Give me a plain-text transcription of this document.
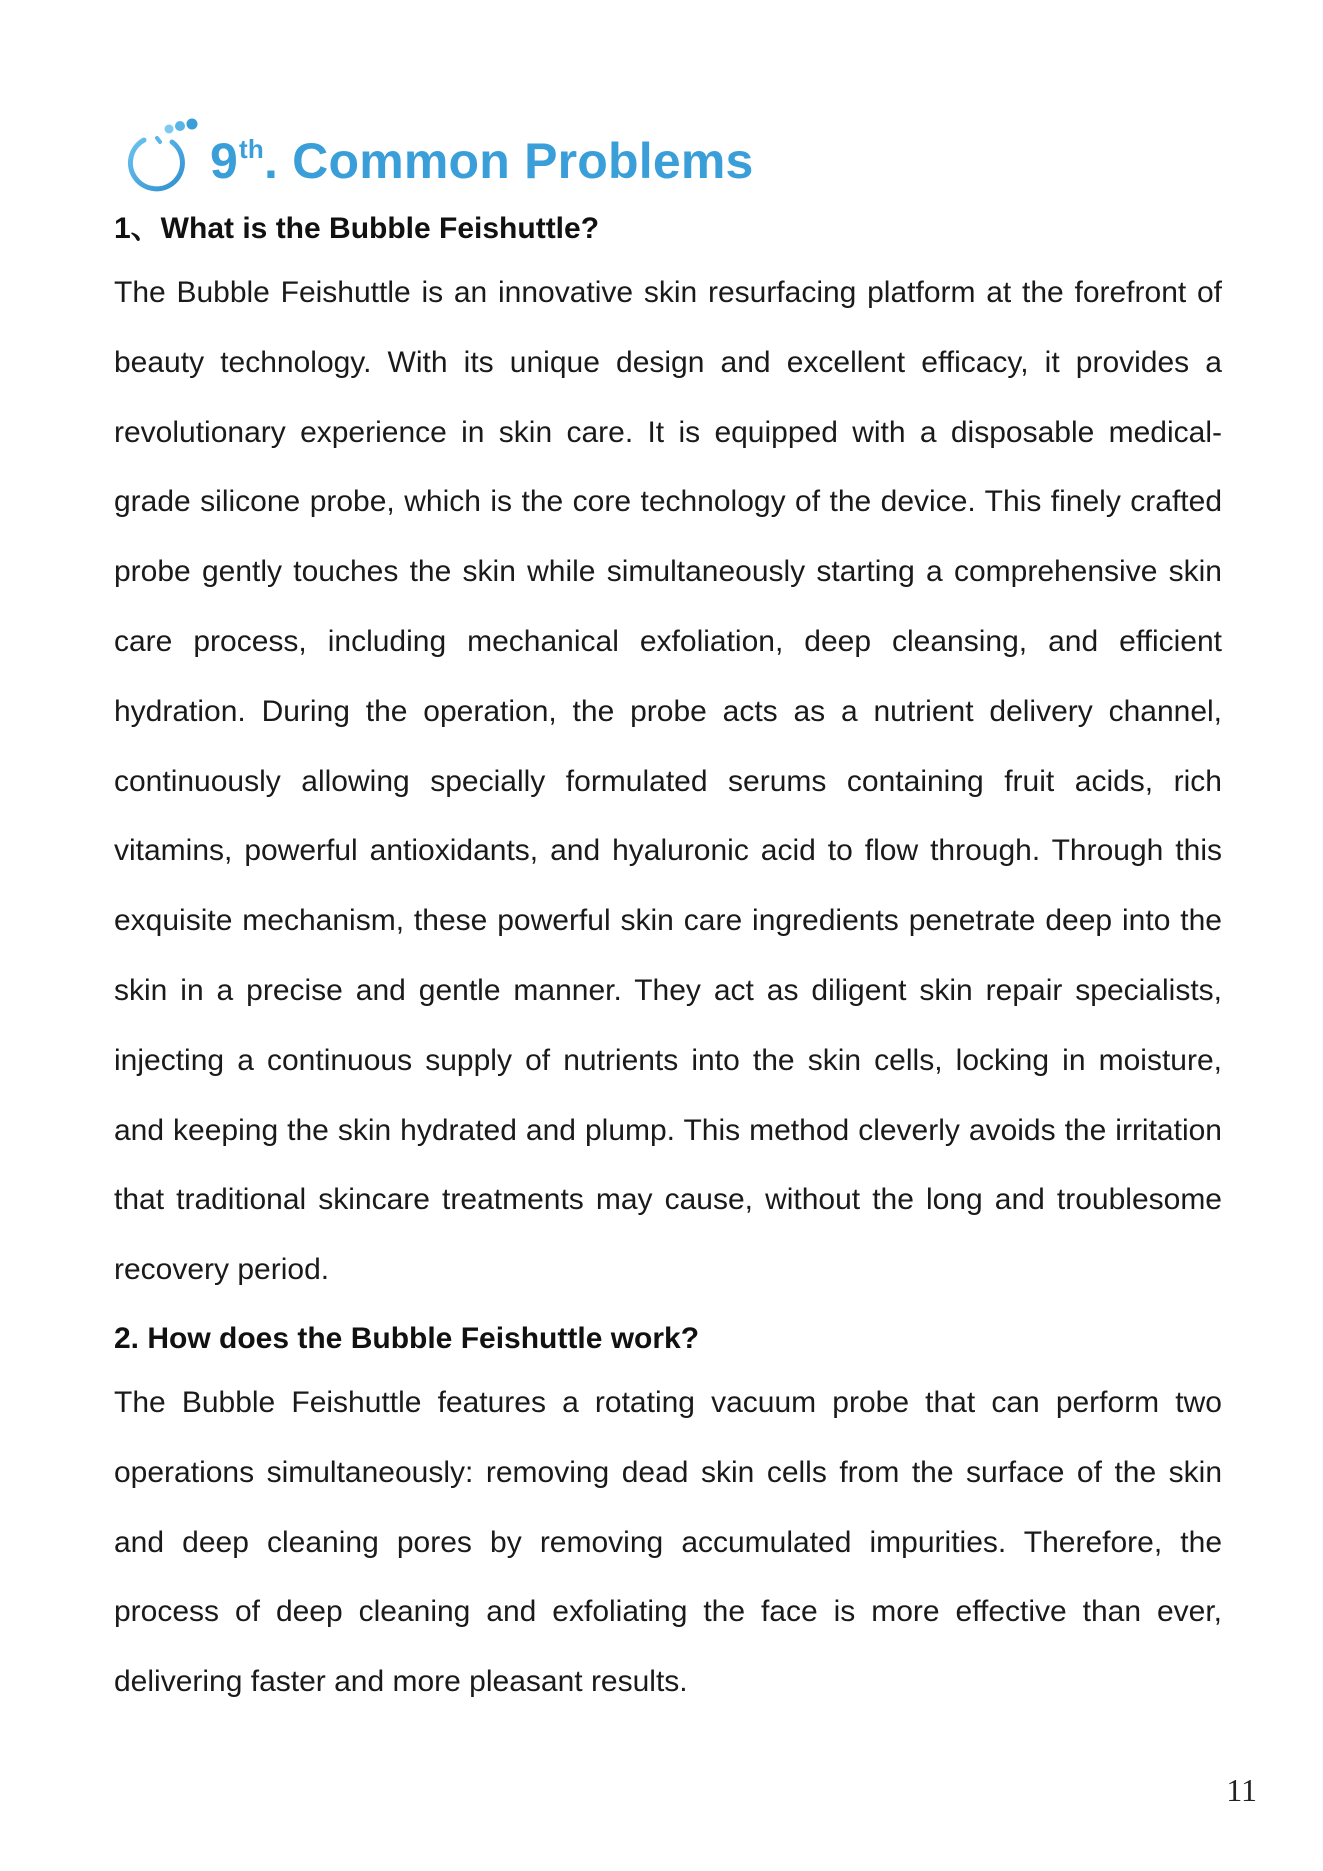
9th. Common Problems

1、What is the Bubble Feishuttle?

The Bubble Feishuttle is an innovative skin resurfacing platform at the forefront of beauty technology. With its unique design and excellent efficacy, it provides a revolutionary experience in skin care. It is equipped with a disposable medical-grade silicone probe, which is the core technology of the device. This finely crafted probe gently touches the skin while simultaneously starting a comprehensive skin care process, including mechanical exfoliation, deep cleansing, and efficient hydration. During the operation, the probe acts as a nutrient delivery channel, continuously allowing specially formulated serums containing fruit acids, rich vitamins, powerful antioxidants, and hyaluronic acid to flow through. Through this exquisite mechanism, these powerful skin care ingredients penetrate deep into the skin in a precise and gentle manner. They act as diligent skin repair specialists, injecting a continuous supply of nutrients into the skin cells, locking in moisture, and keeping the skin hydrated and plump. This method cleverly avoids the irritation that traditional skincare treatments may cause, without the long and troublesome recovery period.

2. How does the Bubble Feishuttle work?

The Bubble Feishuttle features a rotating vacuum probe that can perform two operations simultaneously: removing dead skin cells from the surface of the skin and deep cleaning pores by removing accumulated impurities. Therefore, the process of deep cleaning and exfoliating the face is more effective than ever, delivering faster and more pleasant results.

11
